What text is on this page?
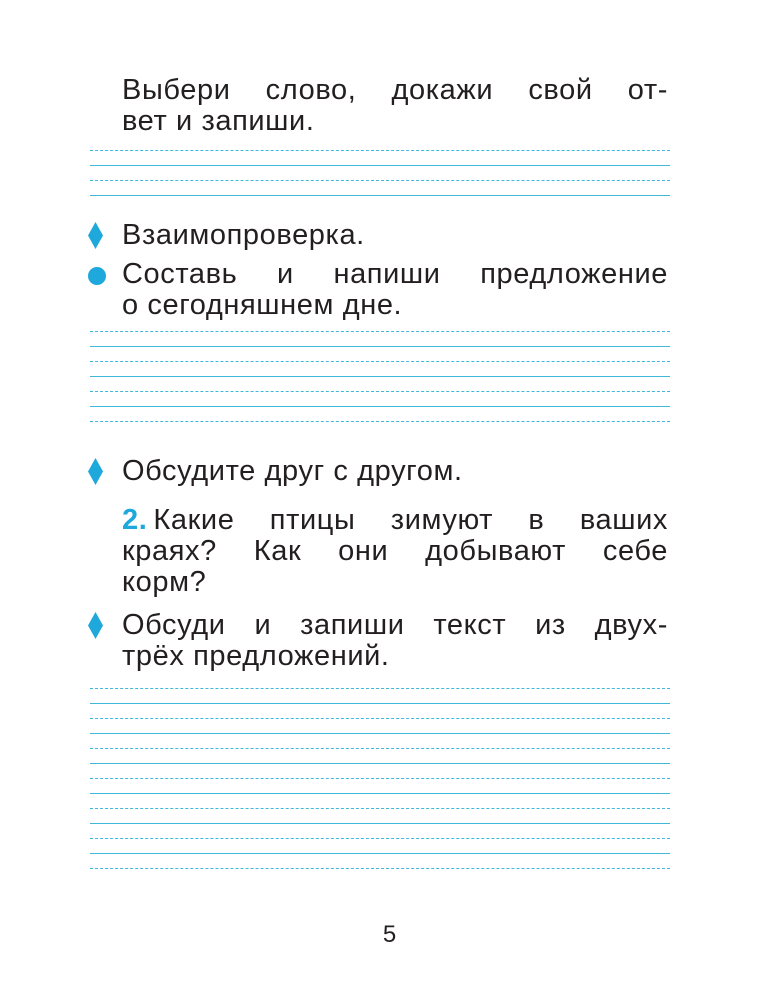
Выбери слово, докажи свой от-
вет и запиши.
Взаимопроверка.
Составь и напиши предложение
о сегодняшнем дне.
Обсудите друг с другом.
2. Какие птицы зимуют в ваших
краях? Как они добывают себе
корм?
Обсуди и запиши текст из двух-
трёх предложений.
5
